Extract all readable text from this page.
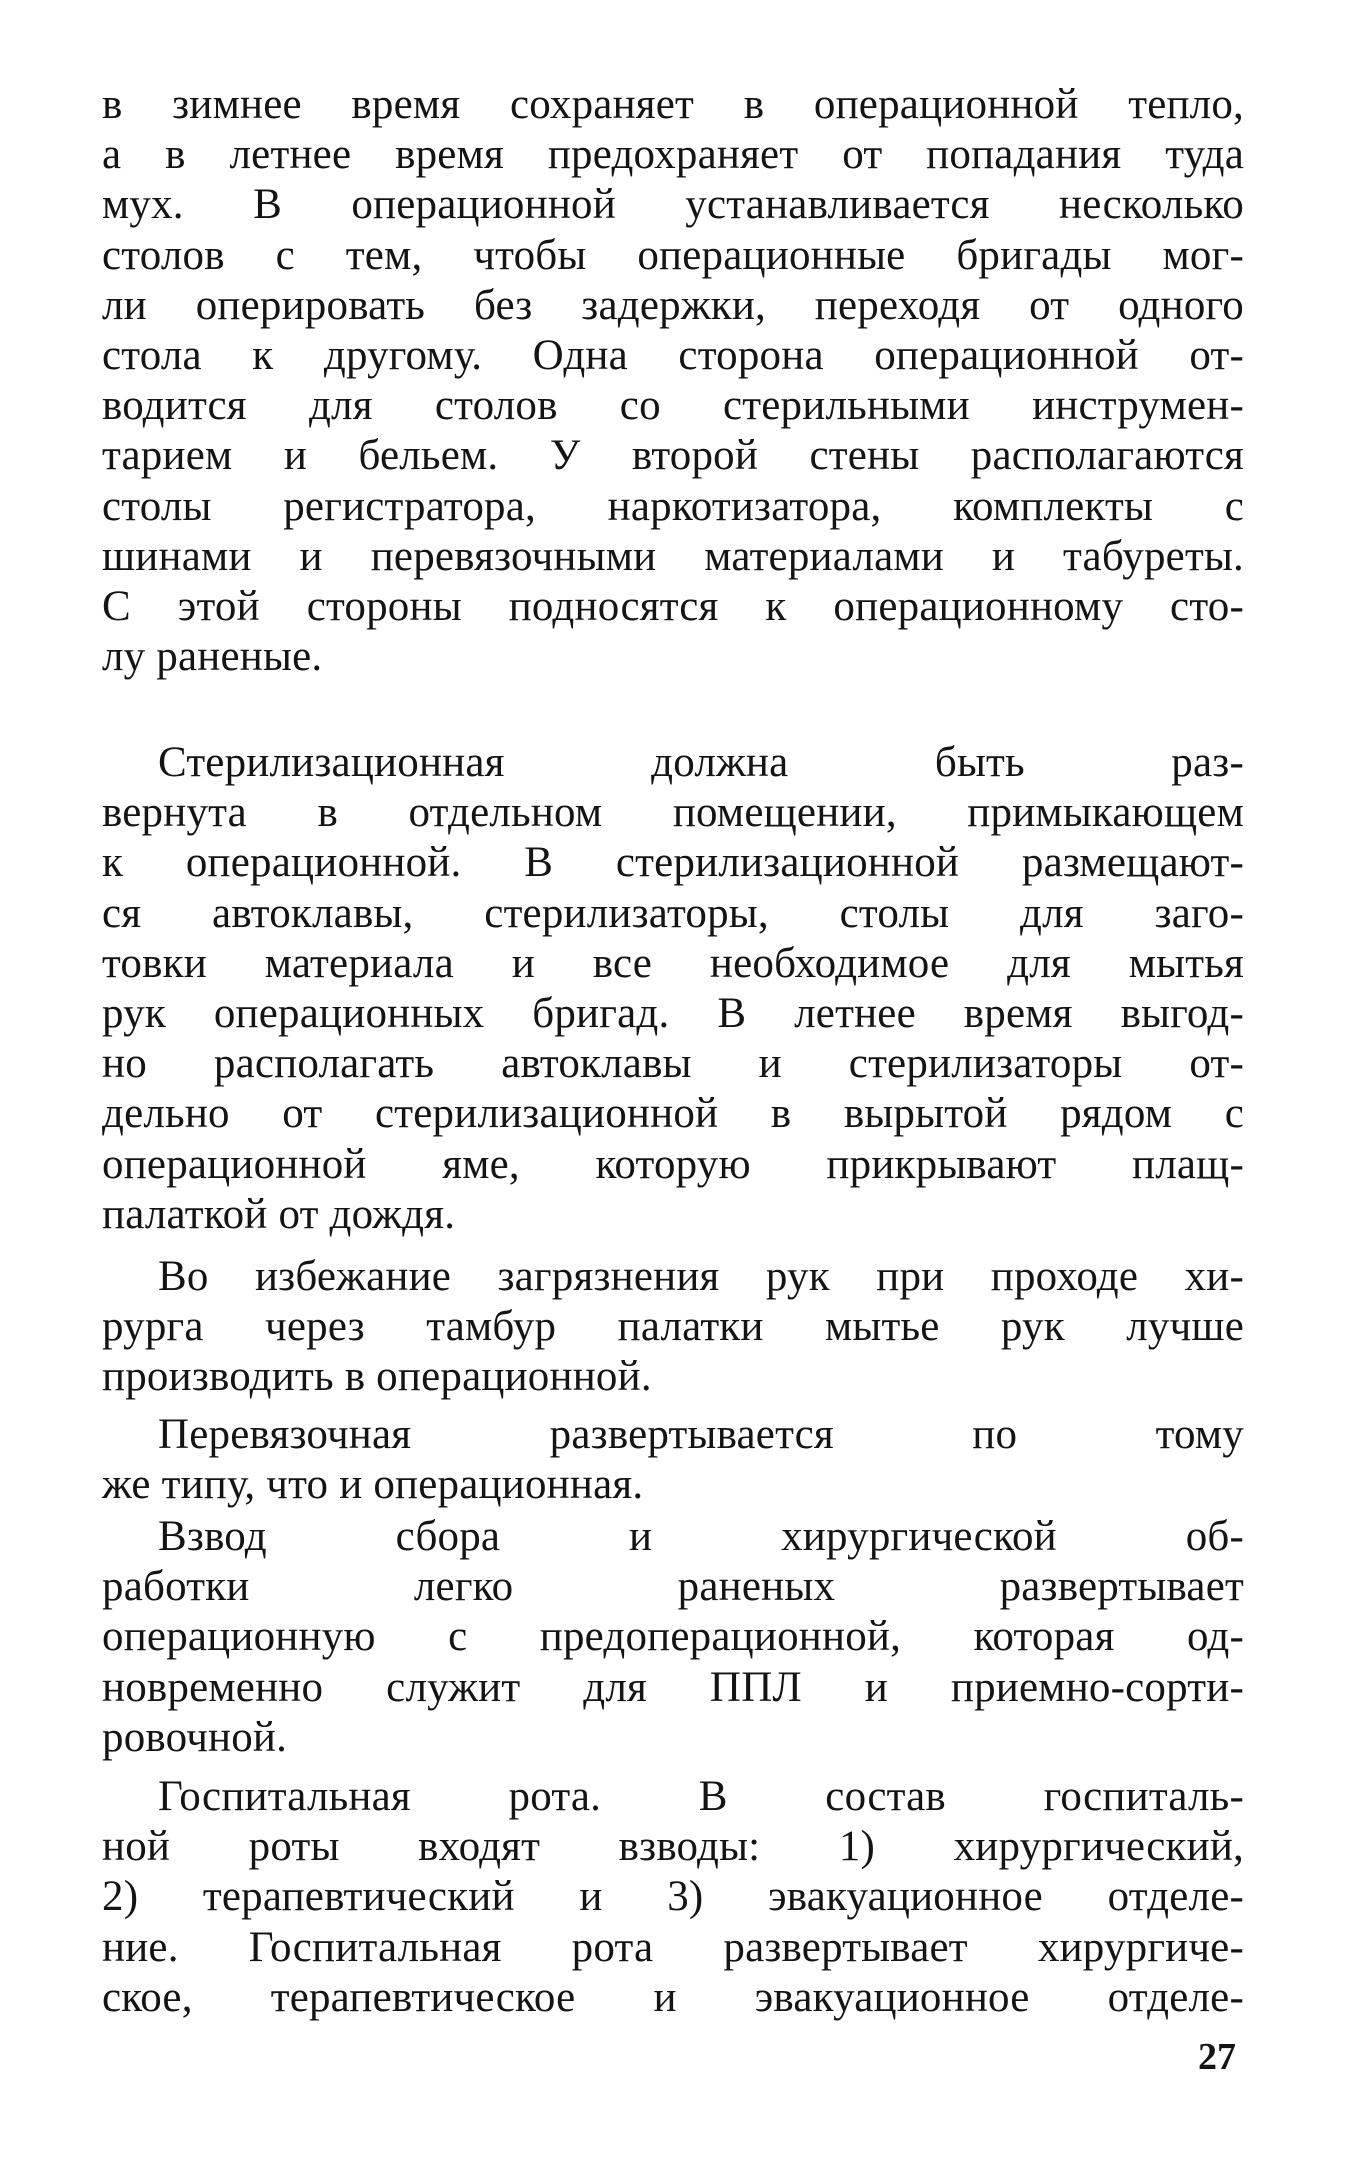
в зимнее время сохраняет в операционной тепло,
а в летнее время предохраняет от попадания туда
мух. В операционной устанавливается несколько
столов с тем, чтобы операционные бригады мог-
ли оперировать без задержки, переходя от одного
стола к другому. Одна сторона операционной от-
водится для столов со стерильными инструмен-
тарием и бельем. У второй стены располагаются
столы регистратора, наркотизатора, комплекты с
шинами и перевязочными материалами и табуреты.
С этой стороны подносятся к операционному сто-
лу раненые.
Стерилизационная должна быть раз-
вернута в отдельном помещении, примыкающем
к операционной. В стерилизационной размещают-
ся автоклавы, стерилизаторы, столы для заго-
товки материала и все необходимое для мытья
рук операционных бригад. В летнее время выгод-
но располагать автоклавы и стерилизаторы от-
дельно от стерилизационной в вырытой рядом с
операционной яме, которую прикрывают плащ-
палаткой от дождя.
Во избежание загрязнения рук при проходе хи-
рурга через тамбур палатки мытье рук лучше
производить в операционной.
Перевязочная развертывается по тому
же типу, что и операционная.
Взвод сбора и хирургической об-
работки легко раненых развертывает
операционную с предоперационной, которая од-
новременно служит для ППЛ и приемно-сорти-
ровочной.
Госпитальная рота. В состав госпиталь-
ной роты входят взводы: 1) хирургический,
2) терапевтический и 3) эвакуационное отделе-
ние. Госпитальная рота развертывает хирургиче-
ское, терапевтическое и эвакуационное отделе-
27
